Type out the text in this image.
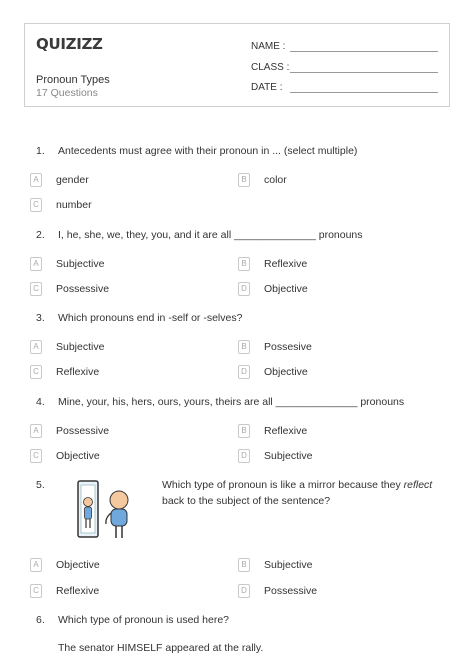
QUIZIZZ
Pronoun Types
17 Questions
NAME :
CLASS :
DATE :
1. Antecedents must agree with their pronoun in ... (select multiple)
A	gender	B	color
C number
2. I, he, she, we, they, you, and it are all ______________ pronouns
A	Subjective	B	Reflexive
C Possessive	D Objective
3. Which pronouns end in -self or -selves?
A	Subjective	B	Possesive
C Reflexive	D Objective
4. Mine, your, his, hers, ours, yours, theirs are all ______________ pronouns
A	Possessive	B	Reflexive
C Objective	D Subjective
5.	Which type of pronoun is like a mirror because they reflect back to the subject of the sentence?
A	Objective	B	Subjective
C Reflexive	D Possessive
6. Which type of pronoun is used here?
The senator HIMSELF appeared at the rally.
